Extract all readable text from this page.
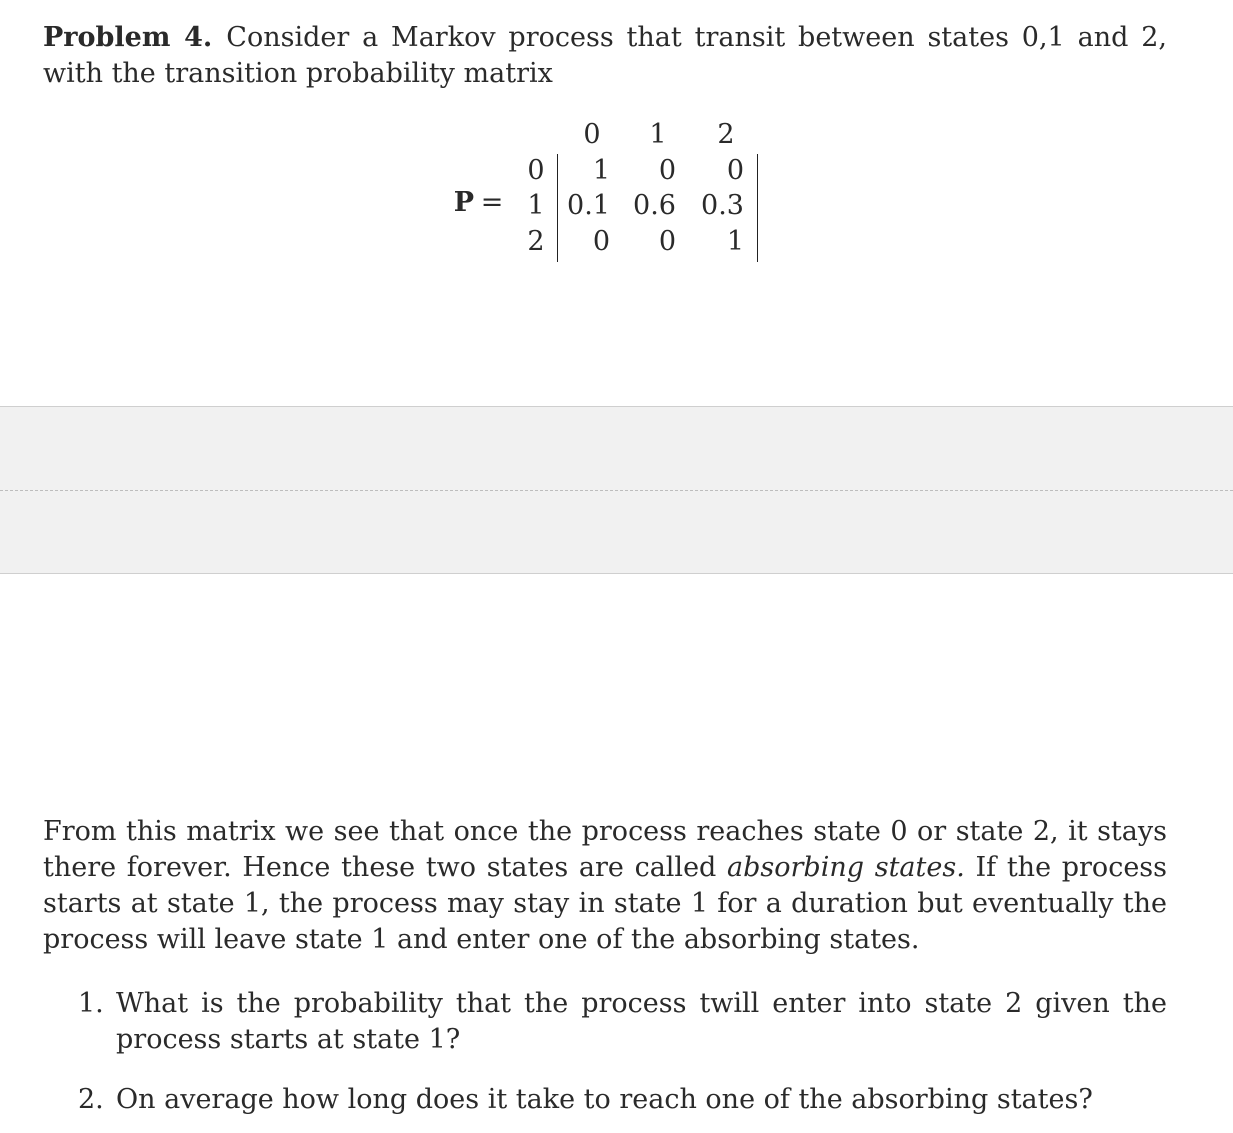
Problem 4. Consider a Markov process that transit between states 0,1 and 2, with the transition probability matrix

P =
0 1 2
0
1
2
1 0 0
0.1 0.6 0.3
0 0 1

From this matrix we see that once the process reaches state 0 or state 2, it stays there forever. Hence these two states are called absorbing states. If the process starts at state 1, the process may stay in state 1 for a duration but eventually the process will leave state 1 and enter one of the absorbing states.

1. What is the probability that the process twill enter into state 2 given the process starts at state 1?
2. On average how long does it take to reach one of the absorbing states?
